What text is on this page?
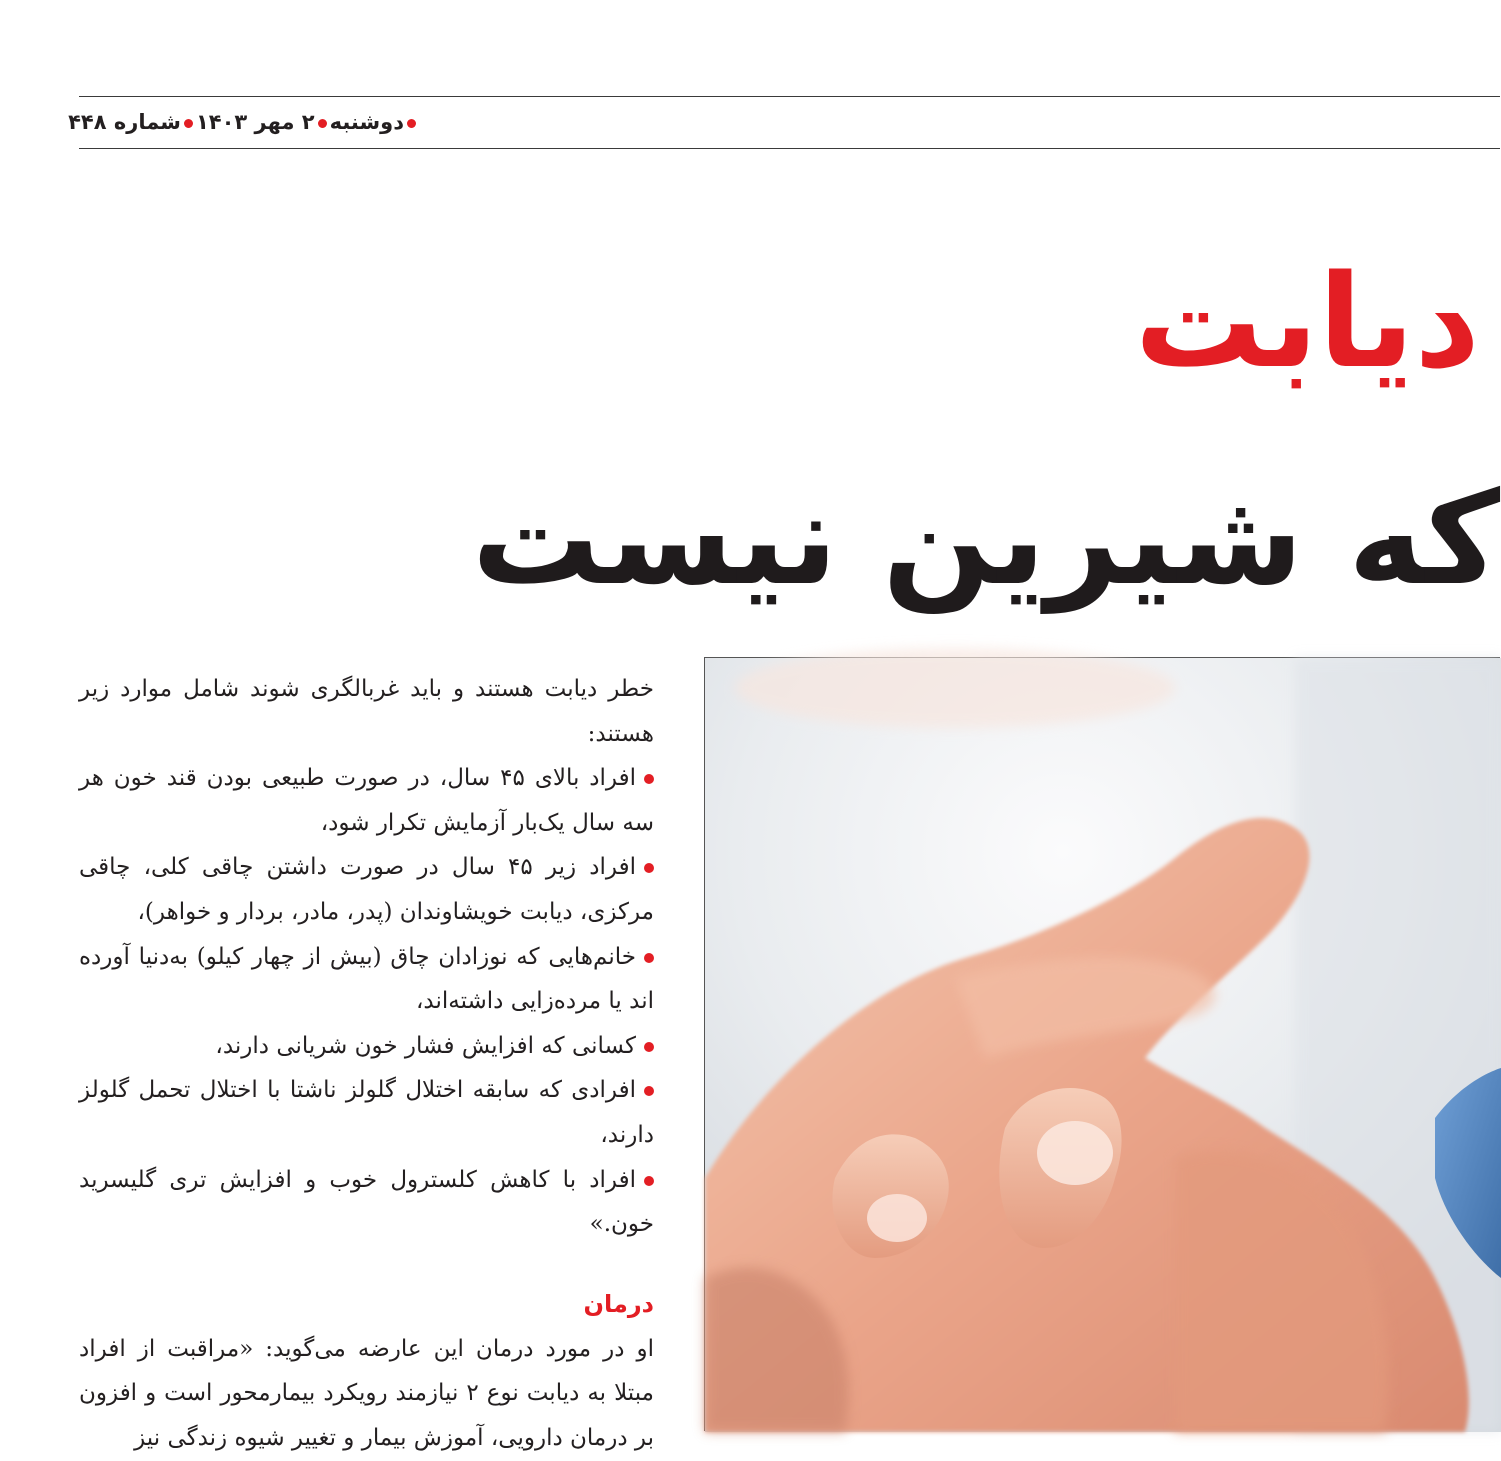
دوشنبه۲ مهر ۱۴۰۳شماره ۴۴۸
دیابت
که شیرین نیست

خطر دیابت هستند و باید غربالگری شوند شامل موارد زیر هستند:

افراد بالای ۴۵ سال، در صورت طبیعی بودن قند خون هر سه سال یک‌بار آزمایش تکرار شود،

افراد زیر ۴۵ سال در صورت داشتن چاقی کلی، چاقی مرکزی، دیابت خویشاوندان (پدر، مادر، بردار و خواهر)،

خانم‌هایی که نوزادان چاق (بیش از چهار کیلو) به‌دنیا آورده اند یا مرده‌زایی داشته‌اند،

کسانی که افزایش فشار خون شریانی دارند،

افرادی که سابقه اختلال گلولز ناشتا با اختلال تحمل گلولز دارند،

افراد با کاهش کلسترول خوب و افزایش تری گلیسرید خون.»

درمان

او در مورد درمان این عارضه می‌گوید: «مراقبت از افراد مبتلا به دیابت نوع ۲ نیازمند رویکرد بیمارمحور است و افزون بر درمان دارویی، آموزش بیمار و تغییر شیوه زندگی نیز
